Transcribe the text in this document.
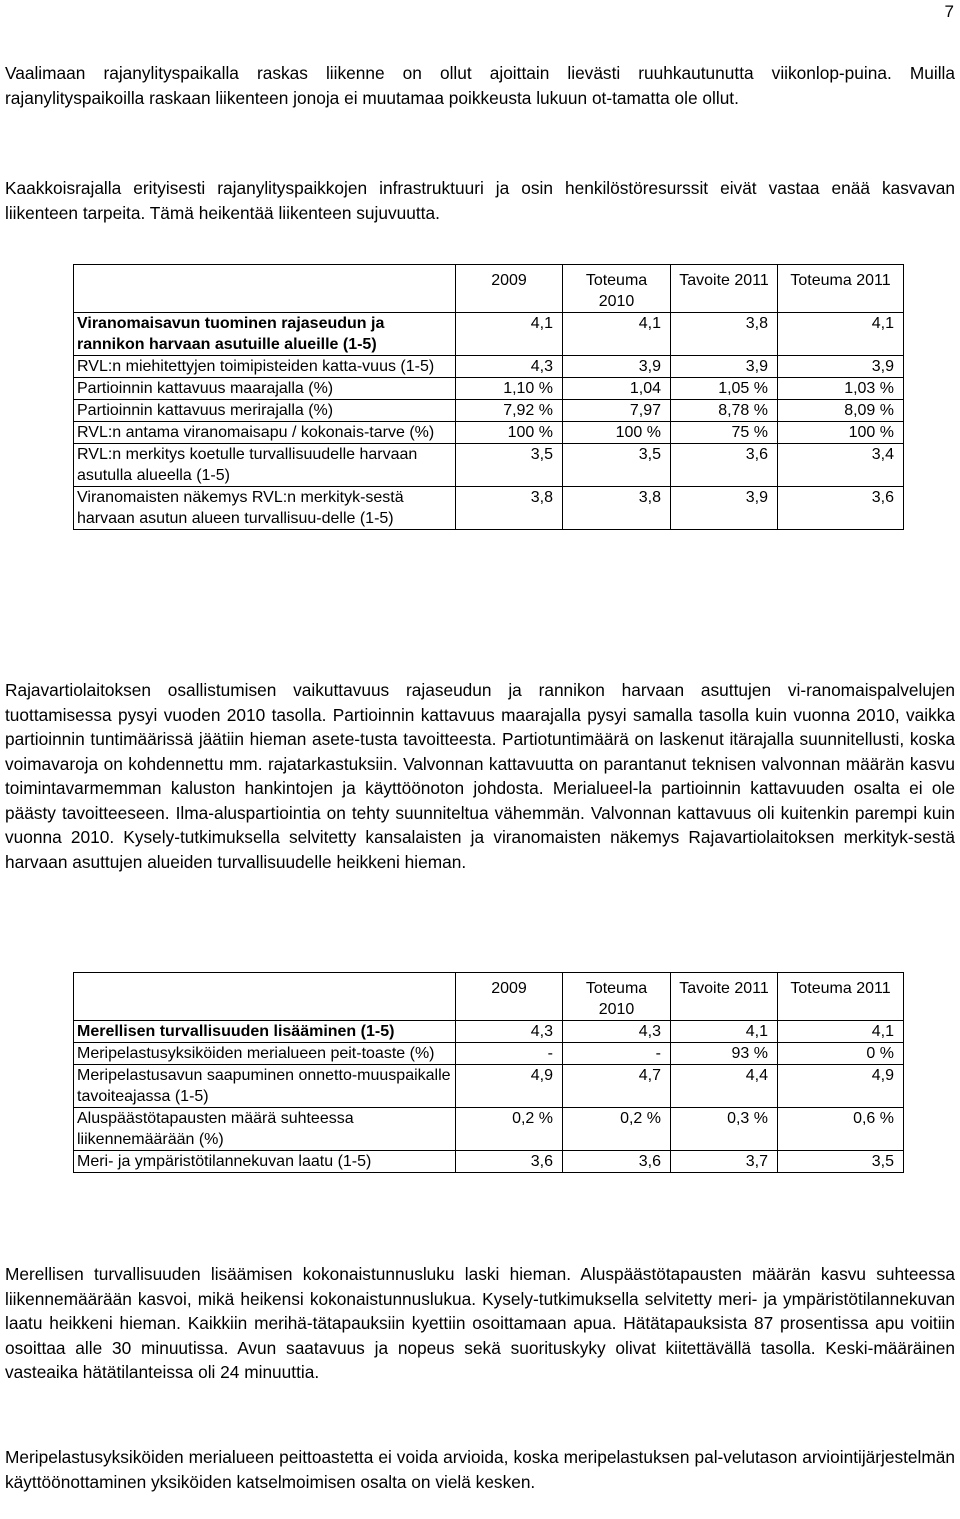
7

Vaalimaan rajanylityspaikalla raskas liikenne on ollut ajoittain lievästi ruuhkautunutta viikonlop-puina. Muilla rajanylityspaikoilla raskaan liikenteen jonoja ei muutamaa poikkeusta lukuun ot-tamatta ole ollut.

Kaakkoisrajalla erityisesti rajanylityspaikkojen infrastruktuuri ja osin henkilöstöresurssit eivät vastaa enää kasvavan liikenteen tarpeita. Tämä heikentää liikenteen sujuvuutta.

	2009	Toteuma 2010	Tavoite 2011	Toteuma 2011
Viranomaisavun tuominen rajaseudun ja rannikon harvaan asutuille alueille (1-5)	4,1	4,1	3,8	4,1
RVL:n miehitettyjen toimipisteiden katta-vuus (1-5)	4,3	3,9	3,9	3,9
Partioinnin kattavuus maarajalla (%)	1,10 %	1,04	1,05 %	1,03 %
Partioinnin kattavuus merirajalla (%)	7,92 %	7,97	8,78 %	8,09 %
RVL:n antama viranomaisapu / kokonais-tarve (%)	100 %	100 %	75 %	100 %
RVL:n merkitys koetulle turvallisuudelle harvaan asutulla alueella (1-5)	3,5	3,5	3,6	3,4
Viranomaisten näkemys RVL:n merkityk-sestä harvaan asutun alueen turvallisuu-delle (1-5)	3,8	3,8	3,9	3,6

Rajavartiolaitoksen osallistumisen vaikuttavuus rajaseudun ja rannikon harvaan asuttujen vi-ranomaispalvelujen tuottamisessa pysyi vuoden 2010 tasolla. Partioinnin kattavuus maarajalla pysyi samalla tasolla kuin vuonna 2010, vaikka partioinnin tuntimäärissä jäätiin hieman asete-tusta tavoitteesta. Partiotuntimäärä on laskenut itärajalla suunnitellusti, koska voimavaroja on kohdennettu mm. rajatarkastuksiin. Valvonnan kattavuutta on parantanut teknisen valvonnan määrän kasvu toimintavarmemman kaluston hankintojen ja käyttöönoton johdosta. Merialueel-la partioinnin kattavuuden osalta ei ole päästy tavoitteeseen. Ilma-aluspartiointia on tehty suunniteltua vähemmän. Valvonnan kattavuus oli kuitenkin parempi kuin vuonna 2010. Kysely-tutkimuksella selvitetty kansalaisten ja viranomaisten näkemys Rajavartiolaitoksen merkityk-sestä harvaan asuttujen alueiden turvallisuudelle heikkeni hieman.

	2009	Toteuma 2010	Tavoite 2011	Toteuma 2011
Merellisen turvallisuuden lisääminen (1-5)	4,3	4,3	4,1	4,1
Meripelastusyksiköiden merialueen peit-toaste (%)	-	-	93 %	0 %
Meripelastusavun saapuminen onnetto-muuspaikalle tavoiteajassa (1-5)	4,9	4,7	4,4	4,9
Aluspäästötapausten määrä suhteessa liikennemäärään (%)	0,2 %	0,2 %	0,3 %	0,6 %
Meri- ja ympäristötilannekuvan laatu (1-5)	3,6	3,6	3,7	3,5

Merellisen turvallisuuden lisäämisen kokonaistunnusluku laski hieman. Aluspäästötapausten määrän kasvu suhteessa liikennemäärään kasvoi, mikä heikensi kokonaistunnuslukua. Kysely-tutkimuksella selvitetty meri- ja ympäristötilannekuvan laatu heikkeni hieman. Kaikkiin merihä-tätapauksiin kyettiin osoittamaan apua. Hätätapauksista 87 prosentissa apu voitiin osoittaa alle 30 minuutissa. Avun saatavuus ja nopeus sekä suorituskyky olivat kiitettävällä tasolla. Keski-määräinen vasteaika hätätilanteissa oli 24 minuuttia.

Meripelastusyksiköiden merialueen peittoastetta ei voida arvioida, koska meripelastuksen pal-velutason arviointijärjestelmän käyttöönottaminen yksiköiden katselmoimisen osalta on vielä kesken.
